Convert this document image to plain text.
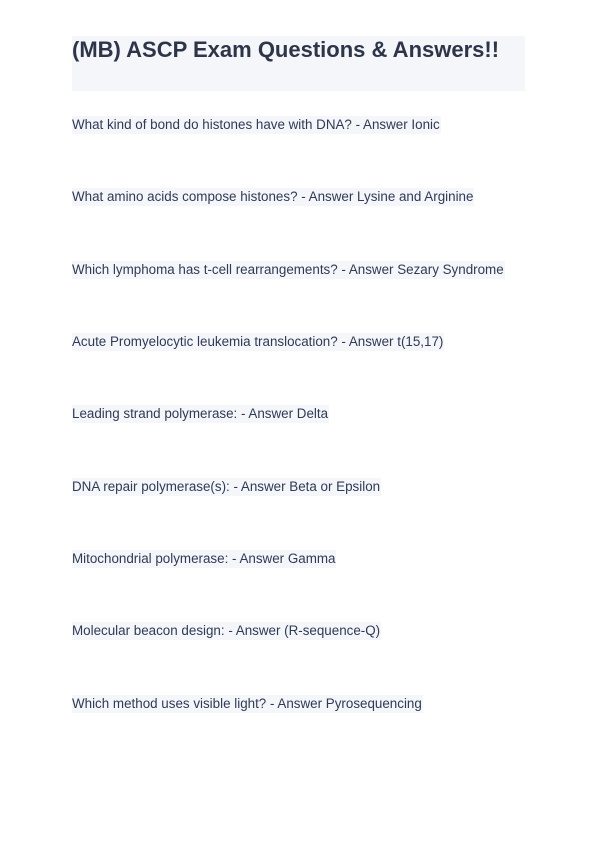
(MB) ASCP Exam Questions & Answers!!

What kind of bond do histones have with DNA? - Answer Ionic

What amino acids compose histones? - Answer Lysine and Arginine

Which lymphoma has t-cell rearrangements? - Answer Sezary Syndrome

Acute Promyelocytic leukemia translocation? - Answer t(15,17)

Leading strand polymerase: - Answer Delta

DNA repair polymerase(s): - Answer Beta or Epsilon

Mitochondrial polymerase: - Answer Gamma

Molecular beacon design: - Answer (R-sequence-Q)

Which method uses visible light? - Answer Pyrosequencing
